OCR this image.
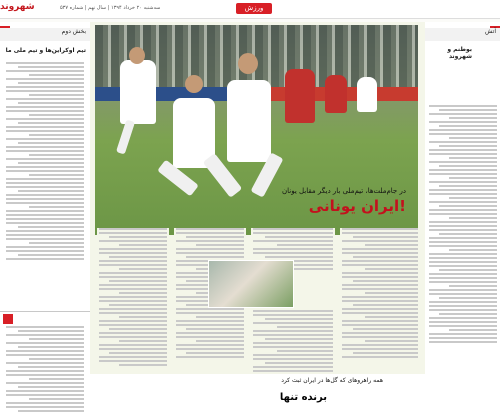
شهروند	سه‌شنبه ۲۰ خرداد ۱۳۹۴ | سال نهم | شماره ۵۳۷	ورزش
بخش دوم
تیم اوکراین‌ها و تیم ملی ما
در جام‌ملت‌ها، تیم‌ملی بار دیگر مقابل یونان
ایران یونانی!
همه راهروهای که گل‌ها در ایران ثبت کرد
برنده تنها
آتش
بوطنم و شهروند
